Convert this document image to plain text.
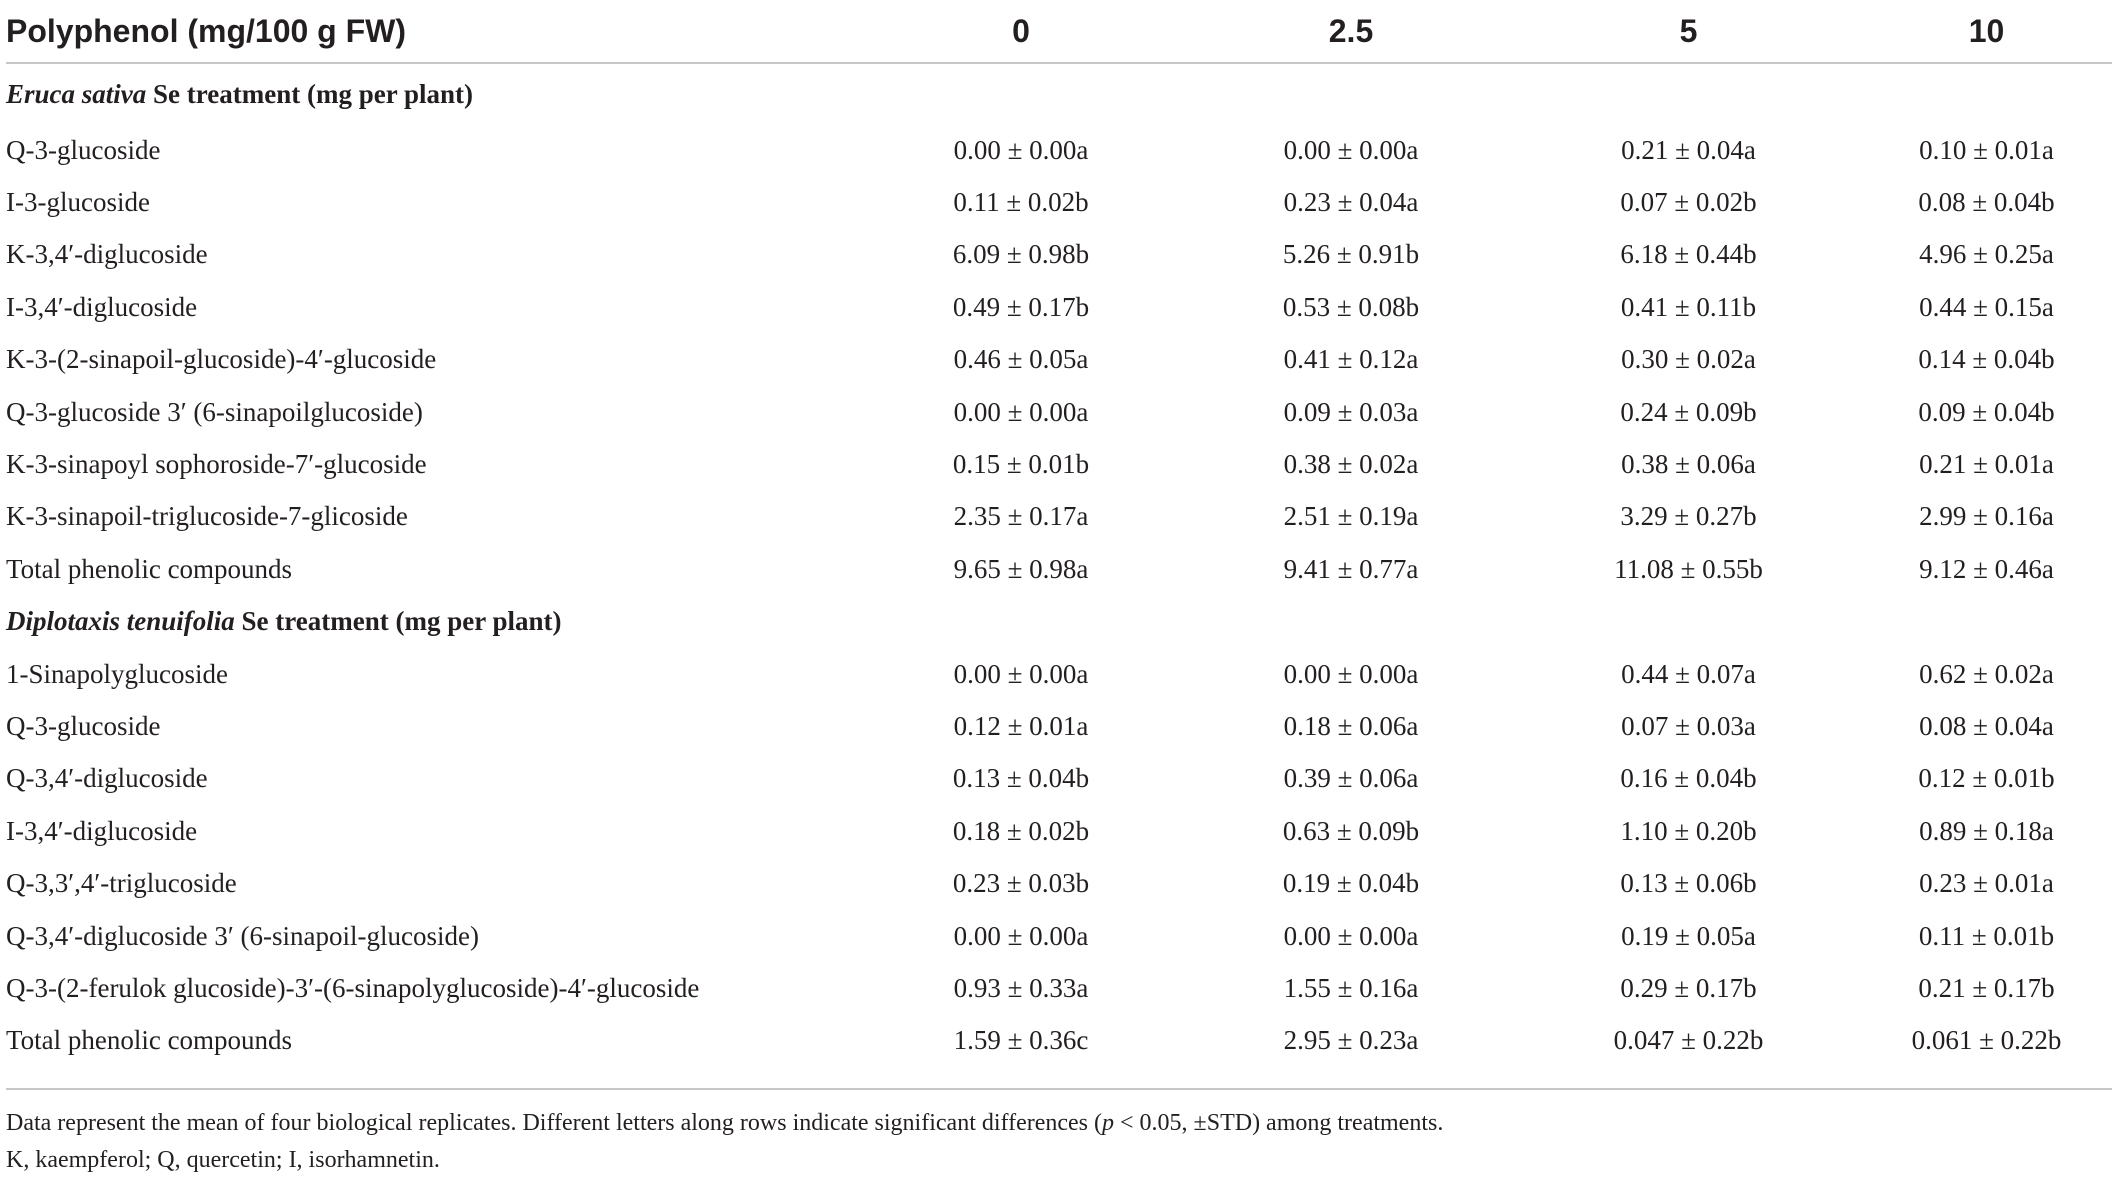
Polyphenol (mg/100 g FW)	0	2.5	5	10
Eruca sativa Se treatment (mg per plant)				
Q-3-glucoside	0.00 ± 0.00a	0.00 ± 0.00a	0.21 ± 0.04a	0.10 ± 0.01a
I-3-glucoside	0.11 ± 0.02b	0.23 ± 0.04a	0.07 ± 0.02b	0.08 ± 0.04b
K-3,4′-diglucoside	6.09 ± 0.98b	5.26 ± 0.91b	6.18 ± 0.44b	4.96 ± 0.25a
I-3,4′-diglucoside	0.49 ± 0.17b	0.53 ± 0.08b	0.41 ± 0.11b	0.44 ± 0.15a
K-3-(2-sinapoil-glucoside)-4′-glucoside	0.46 ± 0.05a	0.41 ± 0.12a	0.30 ± 0.02a	0.14 ± 0.04b
Q-3-glucoside 3′ (6-sinapoilglucoside)	0.00 ± 0.00a	0.09 ± 0.03a	0.24 ± 0.09b	0.09 ± 0.04b
K-3-sinapoyl sophoroside-7′-glucoside	0.15 ± 0.01b	0.38 ± 0.02a	0.38 ± 0.06a	0.21 ± 0.01a
K-3-sinapoil-triglucoside-7-glicoside	2.35 ± 0.17a	2.51 ± 0.19a	3.29 ± 0.27b	2.99 ± 0.16a
Total phenolic compounds	9.65 ± 0.98a	9.41 ± 0.77a	11.08 ± 0.55b	9.12 ± 0.46a
Diplotaxis tenuifolia Se treatment (mg per plant)				
1-Sinapolyglucoside	0.00 ± 0.00a	0.00 ± 0.00a	0.44 ± 0.07a	0.62 ± 0.02a
Q-3-glucoside	0.12 ± 0.01a	0.18 ± 0.06a	0.07 ± 0.03a	0.08 ± 0.04a
Q-3,4′-diglucoside	0.13 ± 0.04b	0.39 ± 0.06a	0.16 ± 0.04b	0.12 ± 0.01b
I-3,4′-diglucoside	0.18 ± 0.02b	0.63 ± 0.09b	1.10 ± 0.20b	0.89 ± 0.18a
Q-3,3′,4′-triglucoside	0.23 ± 0.03b	0.19 ± 0.04b	0.13 ± 0.06b	0.23 ± 0.01a
Q-3,4′-diglucoside 3′ (6-sinapoil-glucoside)	0.00 ± 0.00a	0.00 ± 0.00a	0.19 ± 0.05a	0.11 ± 0.01b
Q-3-(2-ferulok glucoside)-3′-(6-sinapolyglucoside)-4′-glucoside	0.93 ± 0.33a	1.55 ± 0.16a	0.29 ± 0.17b	0.21 ± 0.17b
Total phenolic compounds	1.59 ± 0.36c	2.95 ± 0.23a	0.047 ± 0.22b	0.061 ± 0.22b

Data represent the mean of four biological replicates. Different letters along rows indicate significant differences (p < 0.05, ±STD) among treatments.

K, kaempferol; Q, quercetin; I, isorhamnetin.
